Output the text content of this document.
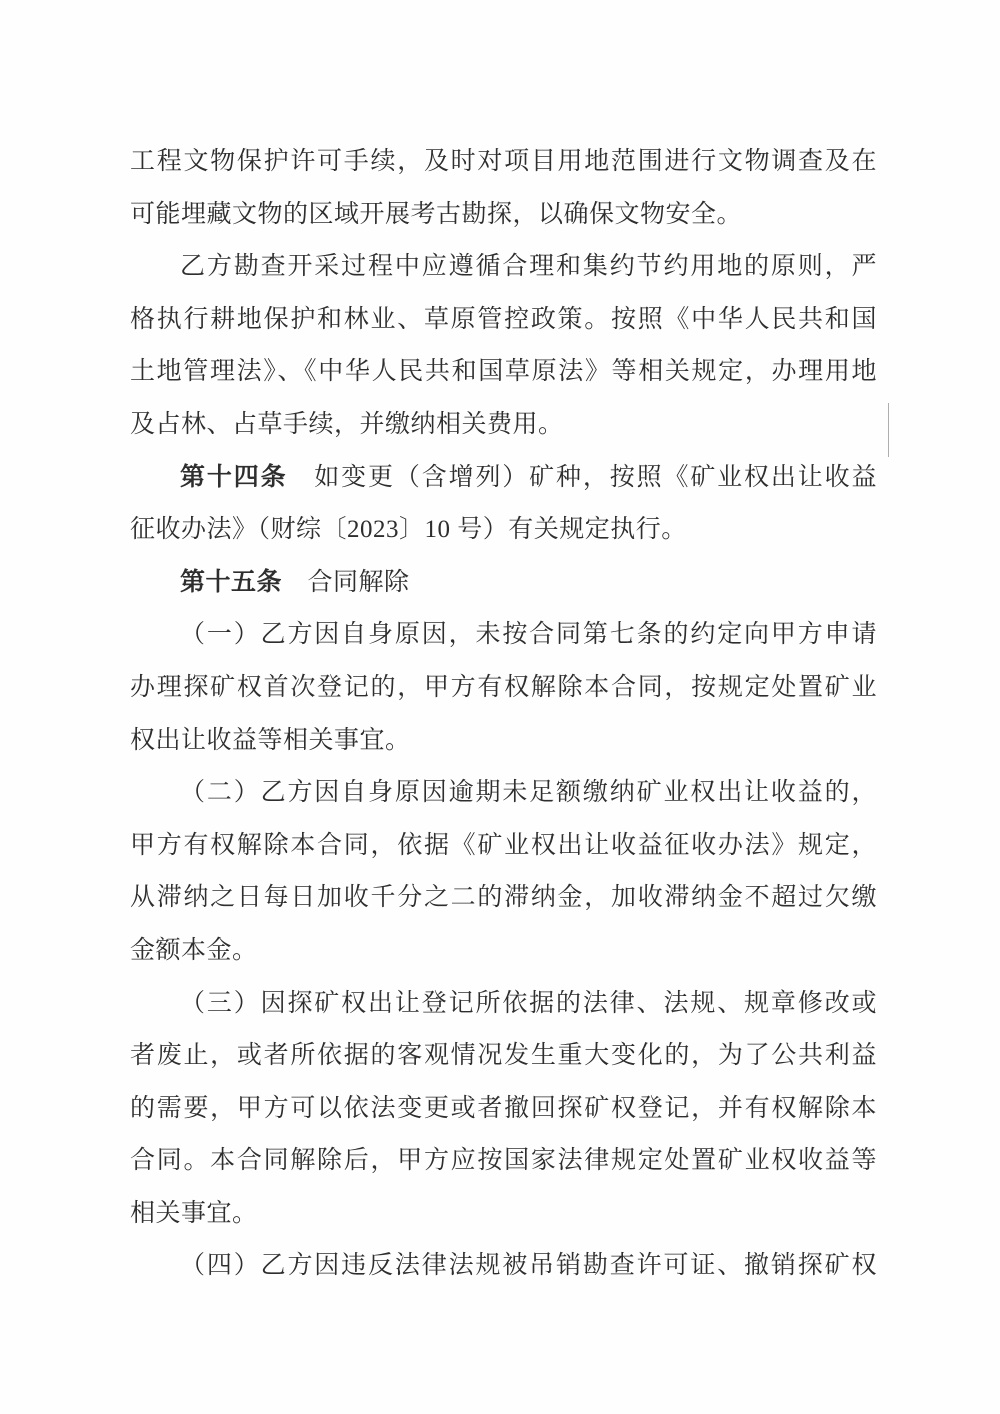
工程文物保护许可手续，及时对项目用地范围进行文物调查及在
可能埋藏文物的区域开展考古勘探，以确保文物安全。
乙方勘查开采过程中应遵循合理和集约节约用地的原则，严
格执行耕地保护和林业、草原管控政策。按照《中华人民共和国
土地管理法》、《中华人民共和国草原法》等相关规定，办理用地
及占林、占草手续，并缴纳相关费用。
第十四条　如变更（含增列）矿种，按照《矿业权出让收益
征收办法》（财综〔2023〕10 号）有关规定执行。
第十五条　合同解除
（一）乙方因自身原因，未按合同第七条的约定向甲方申请
办理探矿权首次登记的，甲方有权解除本合同，按规定处置矿业
权出让收益等相关事宜。
（二）乙方因自身原因逾期未足额缴纳矿业权出让收益的，
甲方有权解除本合同，依据《矿业权出让收益征收办法》规定，
从滞纳之日每日加收千分之二的滞纳金，加收滞纳金不超过欠缴
金额本金。
（三）因探矿权出让登记所依据的法律、法规、规章修改或
者废止，或者所依据的客观情况发生重大变化的，为了公共利益
的需要，甲方可以依法变更或者撤回探矿权登记，并有权解除本
合同。本合同解除后，甲方应按国家法律规定处置矿业权收益等
相关事宜。
（四）乙方因违反法律法规被吊销勘查许可证、撤销探矿权
